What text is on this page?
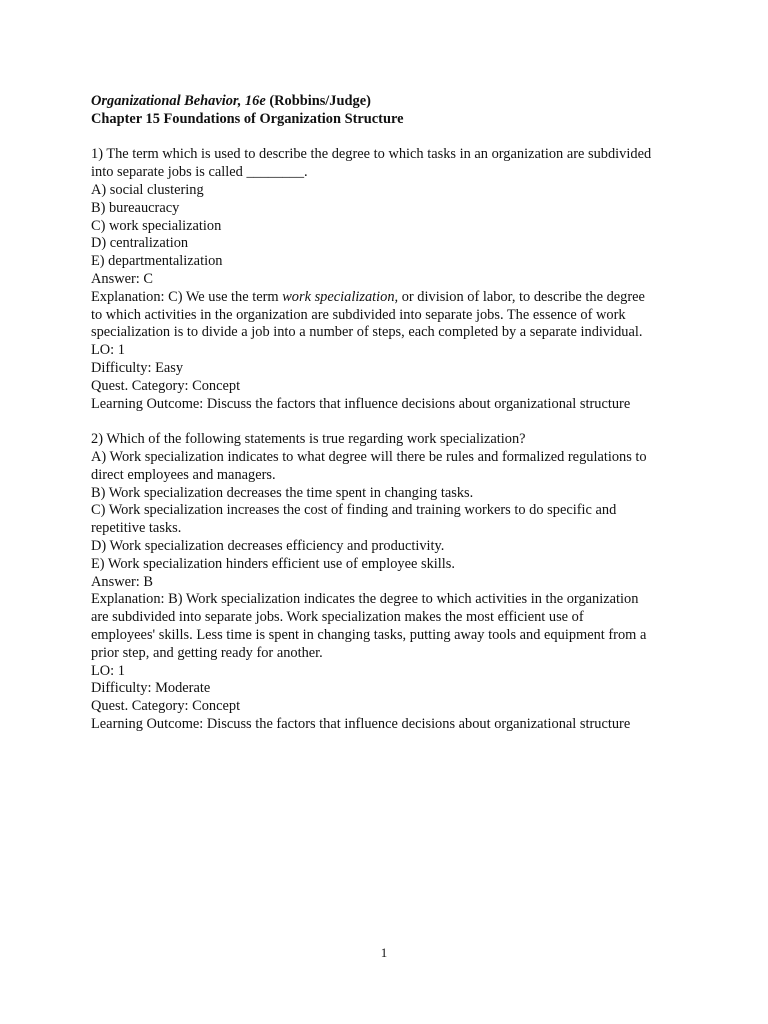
Organizational Behavior, 16e (Robbins/Judge)
Chapter 15 Foundations of Organization Structure
1) The term which is used to describe the degree to which tasks in an organization are subdivided
into separate jobs is called ________.
A) social clustering
B) bureaucracy
C) work specialization
D) centralization
E) departmentalization
Answer: C
Explanation: C) We use the term work specialization, or division of labor, to describe the degree
to which activities in the organization are subdivided into separate jobs. The essence of work
specialization is to divide a job into a number of steps, each completed by a separate individual.
LO: 1
Difficulty: Easy
Quest. Category: Concept
Learning Outcome: Discuss the factors that influence decisions about organizational structure
2) Which of the following statements is true regarding work specialization?
A) Work specialization indicates to what degree will there be rules and formalized regulations to
direct employees and managers.
B) Work specialization decreases the time spent in changing tasks.
C) Work specialization increases the cost of finding and training workers to do specific and
repetitive tasks.
D) Work specialization decreases efficiency and productivity.
E) Work specialization hinders efficient use of employee skills.
Answer: B
Explanation: B) Work specialization indicates the degree to which activities in the organization
are subdivided into separate jobs. Work specialization makes the most efficient use of
employees' skills. Less time is spent in changing tasks, putting away tools and equipment from a
prior step, and getting ready for another.
LO: 1
Difficulty: Moderate
Quest. Category: Concept
Learning Outcome: Discuss the factors that influence decisions about organizational structure
1
